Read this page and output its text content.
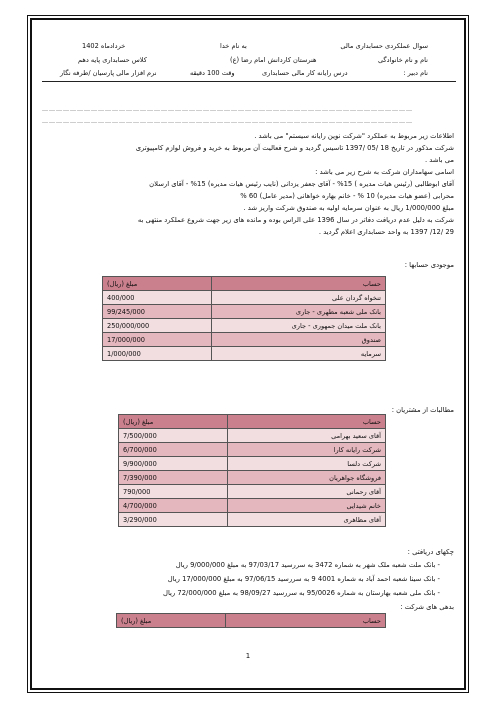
سوال عملکردی حسابداری مالی
به نام خدا
خردادماه 1402
نام و نام خانوادگی
هنرستان کاردانش امام رضا (ع)
کلاس حسابداری پایه دهم
نام دبیر :
درس رایانه کار مالی حسابداری
وقت 100 دقیقه
نرم افزار مالی پارسیان /طرفه نگار
……………………………………………………………………………………………………………………………………………
……………………………………………………………………………………………………………………………………………
اطلاعات زیر مربوط به عملکرد "شرکت نوین رایانه سیستم" می باشد .
شرکت مذکور در تاریخ 18 /05 /1397 تاسیس گردید و شرح فعالیت آن مربوط به خرید و فروش لوازم کامپیوتری
می باشد .
اسامی سهامداران شرکت به شرح زیر می باشد :
آقای ابوطالبی (رئیس هیات مدیره ) 15% - آقای جعفر یزدانی (نایب رئیس هیات مدیره) 15% - آقای ارسلان
محرابی (عضو هیات مدیره) 10 % - خانم بهاره خواهانی (مدیر عامل) 60 %
مبلغ 1/000/000 ریال به عنوان سرمایه اولیه به صندوق شرکت واریز شد .
شرکت به دلیل عدم دریافت دفاتر در سال 1396 علی الراس بوده و مانده های زیر جهت شروع عملکرد منتهی به
29 /12/ 1397 به واحد حسابداری اعلام گردید .
موجودی حسابها :
حساب	مبلغ (ریال)
تنخواه گردان علی	400/000
بانک ملی شعبه مطهری - جاری	99/245/000
بانک ملت میدان جمهوری - جاری	250/000/000
صندوق	17/000/000
سرمایه	1/000/000
مطالبات از مشتریان :
حساب	مبلغ (ریال)
آقای سعید بهرامی	7/500/000
شرکت رایانه کارا	6/700/000
شرکت دلسا	9/900/000
فروشگاه جواهریان	7/390/000
آقای رحمانی	790/000
خانم شیدایی	4/700/000
آقای مظاهری	3/290/000
چکهای دریافتی :
- بانک ملت شعبه ملک شهر به شماره 3472 به سررسید 97/03/17 به مبلغ 9/000/000 ریال
- بانک سینا شعبه احمد آباد به شماره 4001 9 به سررسید 97/06/15 به مبلغ 17/000/000 ریال
- بانک ملی شعبه بهارستان به شماره 95/0026 به سررسید 98/09/27 به مبلغ 72/000/000 ریال
بدهی های شرکت :
حساب	مبلغ (ریال)
1
